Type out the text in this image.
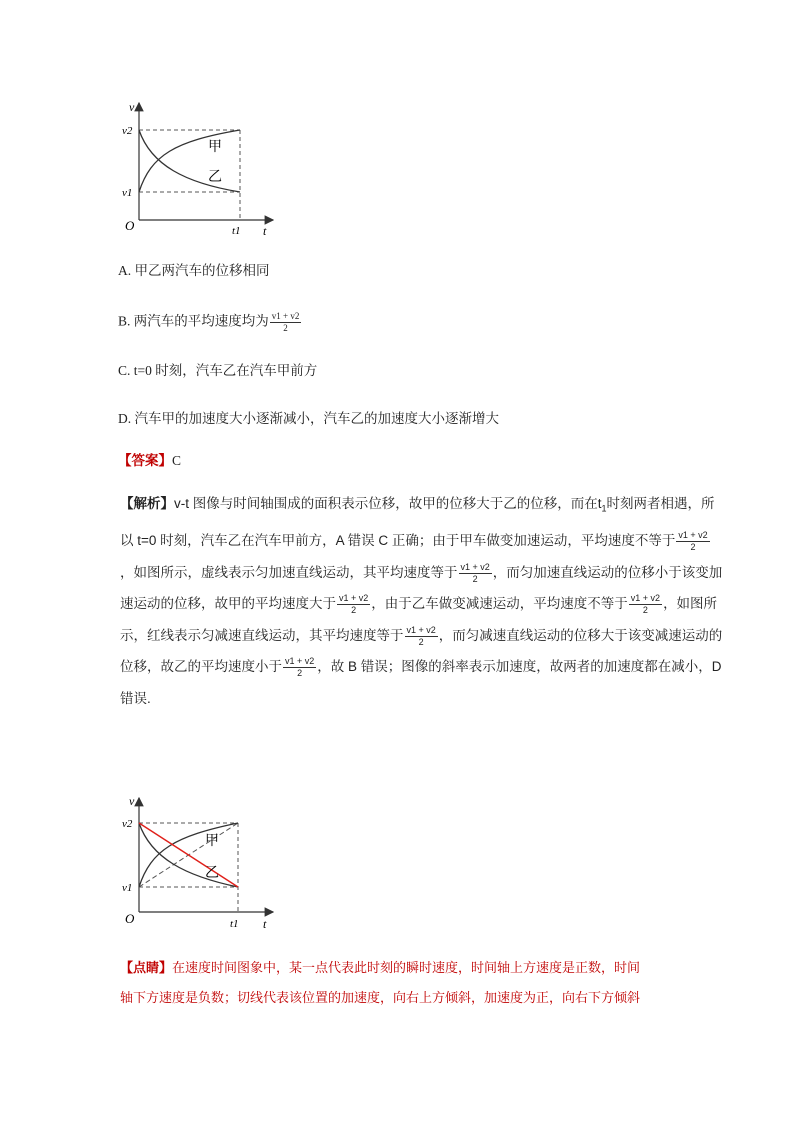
v
t
O
v2
v1
t1
甲
乙
A. 甲乙两汽车的位移相同
B. 两汽车的平均速度均为 $\frac{v1 + v2}{2}$
C. t=0 时刻，汽车乙在汽车甲前方
D. 汽车甲的加速度大小逐渐减小，汽车乙的加速度大小逐渐增大
【答案】C
【解析】v-t 图像与时间轴围成的面积表示位移，故甲的位移大于乙的位移，而在$t_1$时刻两者相遇，所
以 t=0 时刻，汽车乙在汽车甲前方，A 错误 C 正确；由于甲车做变加速运动，平均速度不等于 $\frac{v1 + v2}{2}$
，如图所示，虚线表示匀加速直线运动，其平均速度等于 $\frac{v1 + v2}{2}$ ，而匀加速直线运动的位移小于该变加
速运动的位移，故甲的平均速度大于 $\frac{v1 + v2}{2}$ ，由于乙车做变减速运动，平均速度不等于 $\frac{v1 + v2}{2}$ ，如图所
示，红线表示匀减速直线运动，其平均速度等于 $\frac{v1 + v2}{2}$ ，而匀减速直线运动的位移大于该变减速运动的
位移，故乙的平均速度小于 $\frac{v1 + v2}{2}$ ，故 B 错误；图像的斜率表示加速度，故两者的加速度都在减小，D
错误.
v
t
O
v2
v1
t1
甲
乙
【点睛】在速度时间图象中，某一点代表此时刻的瞬时速度，时间轴上方速度是正数，时间
轴下方速度是负数；切线代表该位置的加速度，向右上方倾斜，加速度为正，向右下方倾斜
